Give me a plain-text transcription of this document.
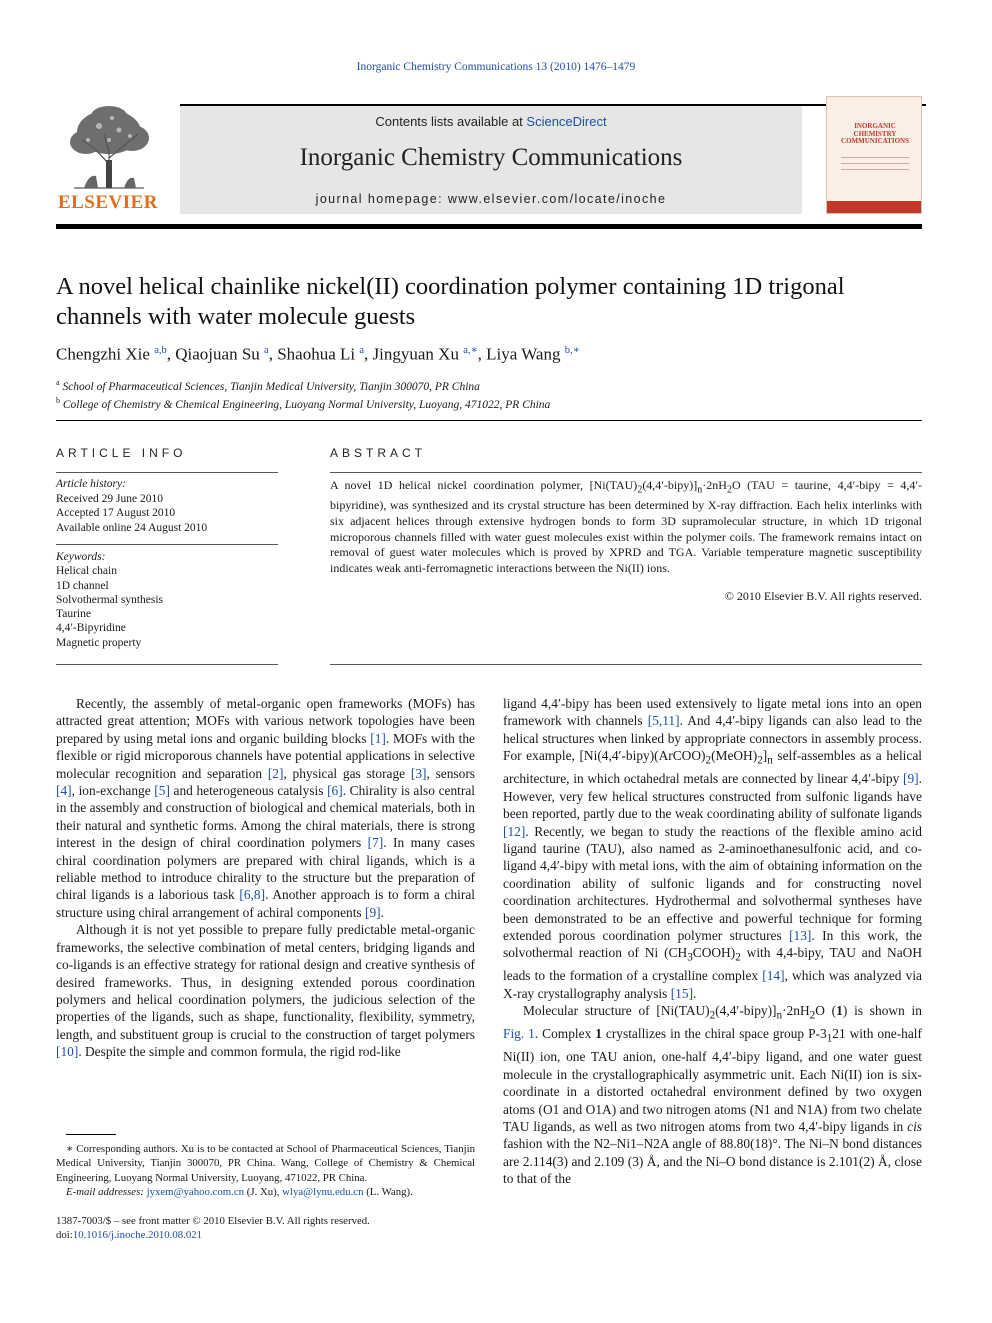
Inorganic Chemistry Communications 13 (2010) 1476–1479
ELSEVIER
Contents lists available at ScienceDirect
Inorganic Chemistry Communications
journal homepage: www.elsevier.com/locate/inoche
INORGANIC CHEMISTRY COMMUNICATIONS
A novel helical chainlike nickel(II) coordination polymer containing 1D trigonal channels with water molecule guests
Chengzhi Xie $^{a,b}$, Qiaojuan Su $^a$, Shaohua Li $^a$, Jingyuan Xu $^{a,∗}$, Liya Wang $^{b,∗}$
$^a$ School of Pharmaceutical Sciences, Tianjin Medical University, Tianjin 300070, PR China
$^b$ College of Chemistry & Chemical Engineering, Luoyang Normal University, Luoyang, 471022, PR China
ARTICLE INFO	ABSTRACT
Article history:
Received 29 June 2010
Accepted 17 August 2010
Available online 24 August 2010
Keywords:
Helical chain
1D channel
Solvothermal synthesis
Taurine
4,4′-Bipyridine
Magnetic property
A novel 1D helical nickel coordination polymer, $[Ni(TAU)_2(4,4'-bipy)]_n\cdot 2nH_2O$ (TAU = taurine, 4,4′-bipy = 4,4′-bipyridine), was synthesized and its crystal structure has been determined by X-ray diffraction. Each helix interlinks with six adjacent helices through extensive hydrogen bonds to form 3D supramolecular structure, in which 1D trigonal microporous channels filled with water guest molecules exist within the polymer coils. The framework remains intact on removal of guest water molecules which is proved by XPRD and TGA. Variable temperature magnetic susceptibility indicates weak anti-ferromagnetic interactions between the Ni(II) ions.
© 2010 Elsevier B.V. All rights reserved.

Recently, the assembly of metal-organic open frameworks (MOFs) has attracted great attention; MOFs with various network topologies have been prepared by using metal ions and organic building blocks [1]. MOFs with the flexible or rigid microporous channels have potential applications in selective molecular recognition and separation [2], physical gas storage [3], sensors [4], ion-exchange [5] and heterogeneous catalysis [6]. Chirality is also central in the assembly and construction of biological and chemical materials, both in their natural and synthetic forms. Among the chiral materials, there is strong interest in the design of chiral coordination polymers [7]. In many cases chiral coordination polymers are prepared with chiral ligands, which is a reliable method to introduce chirality to the structure but the preparation of chiral ligands is a laborious task [6,8]. Another approach is to form a chiral structure using chiral arrangement of achiral components [9].

Although it is not yet possible to prepare fully predictable metal-organic frameworks, the selective combination of metal centers, bridging ligands and co-ligands is an effective strategy for rational design and creative synthesis of desired frameworks. Thus, in designing extended porous coordination polymers and helical coordination polymers, the judicious selection of the properties of the ligands, such as shape, functionality, flexibility, symmetry, length, and substituent group is crucial to the construction of target polymers [10]. Despite the simple and common formula, the rigid rod-like

ligand 4,4′-bipy has been used extensively to ligate metal ions into an open framework with channels [5,11]. And 4,4′-bipy ligands can also lead to the helical structures when linked by appropriate connectors in assembly process. For example, $[Ni(4,4'-bipy)(ArCOO)_2(MeOH)_2]_n$ self-assembles as a helical architecture, in which octahedral metals are connected by linear 4,4′-bipy [9]. However, very few helical structures constructed from sulfonic ligands have been reported, partly due to the weak coordinating ability of sulfonate ligands [12]. Recently, we began to study the reactions of the flexible amino acid ligand taurine (TAU), also named as 2-aminoethanesulfonic acid, and co-ligand 4,4′-bipy with metal ions, with the aim of obtaining information on the coordination ability of sulfonic ligands and for constructing novel coordination architectures. Hydrothermal and solvothermal syntheses have been demonstrated to be an effective and powerful technique for forming extended porous coordination polymer structures [13]. In this work, the solvothermal reaction of Ni $(CH_3COOH)_2$ with 4,4-bipy, TAU and NaOH leads to the formation of a crystalline complex [14], which was analyzed via X-ray crystallography analysis [15].

Molecular structure of $[Ni(TAU)_2(4,4'-bipy)]_n\cdot 2nH_2O$ (1) is shown in Fig. 1. Complex 1 crystallizes in the chiral space group $P-3_121$ with one-half Ni(II) ion, one TAU anion, one-half 4,4′-bipy ligand, and one water guest molecule in the crystallographically asymmetric unit. Each Ni(II) ion is six-coordinate in a distorted octahedral environment defined by two oxygen atoms (O1 and O1A) and two nitrogen atoms (N1 and N1A) from two chelate TAU ligands, as well as two nitrogen atoms from two 4,4′-bipy ligands in cis fashion with the N2–Ni1–N2A angle of 88.80(18)°. The Ni–N bond distances are 2.114(3) and 2.109 (3) Å, and the Ni–O bond distance is 2.101(2) Å, close to that of the

∗ Corresponding authors. Xu is to be contacted at School of Pharmaceutical Sciences, Tianjin Medical University, Tianjin 300070, PR China. Wang, College of Chemistry & Chemical Engineering, Luoyang Normal University, Luoyang, 471022, PR China.

E-mail addresses: jyxem@yahoo.com.cn (J. Xu), wlya@lynu.edu.cn (L. Wang).

1387-7003/$ – see front matter © 2010 Elsevier B.V. All rights reserved.
doi:10.1016/j.inoche.2010.08.021
